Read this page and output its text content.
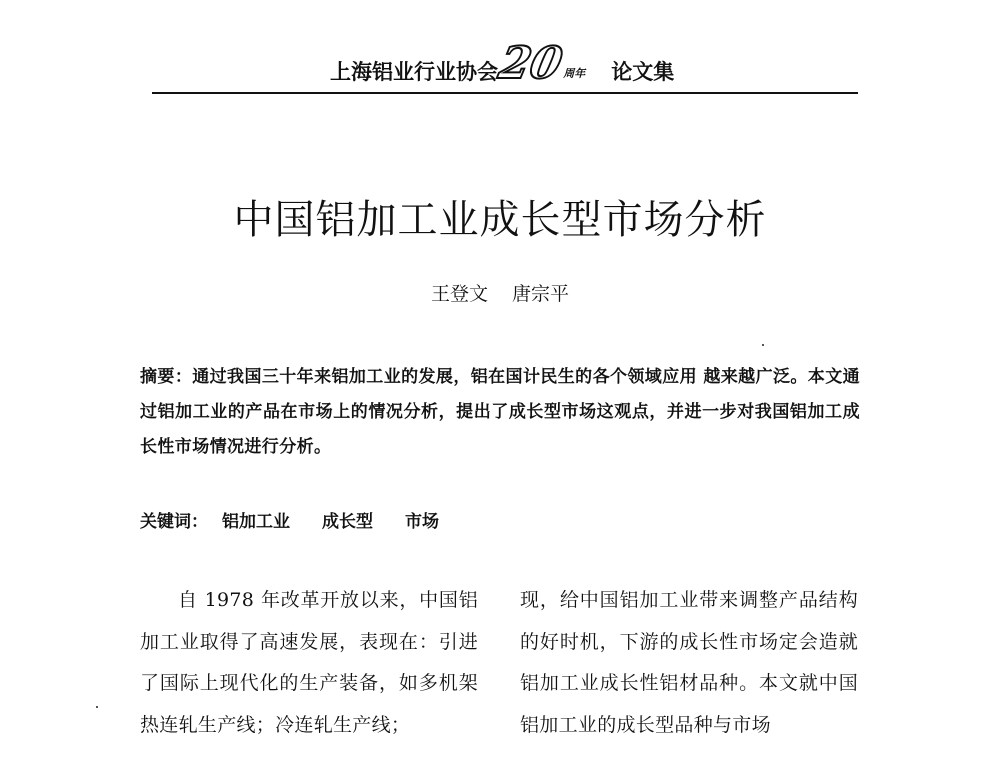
上海铝业行业协会
20
周年 论文集
中国铝加工业成长型市场分析
王登文 唐宗平
摘要：通过我国三十年来铝加工业的发展，铝在国计民生的各个领域应用 越来越广泛。本文通过铝加工业的产品在市场上的情况分析，提出了成长型市场这观点，并进一步对我国铝加工成长性市场情况进行分析。
关键词： 铝加工业 成长型 市场
自 1978 年改革开放以来，中国铝加工业取得了高速发展，表现在：引进了国际上现代化的生产装备，如多机架热连轧生产线；冷连轧生产线；
现，给中国铝加工业带来调整产品结构的好时机，下游的成长性市场定会造就铝加工业成长性铝材品种。本文就中国铝加工业的成长型品种与市场
